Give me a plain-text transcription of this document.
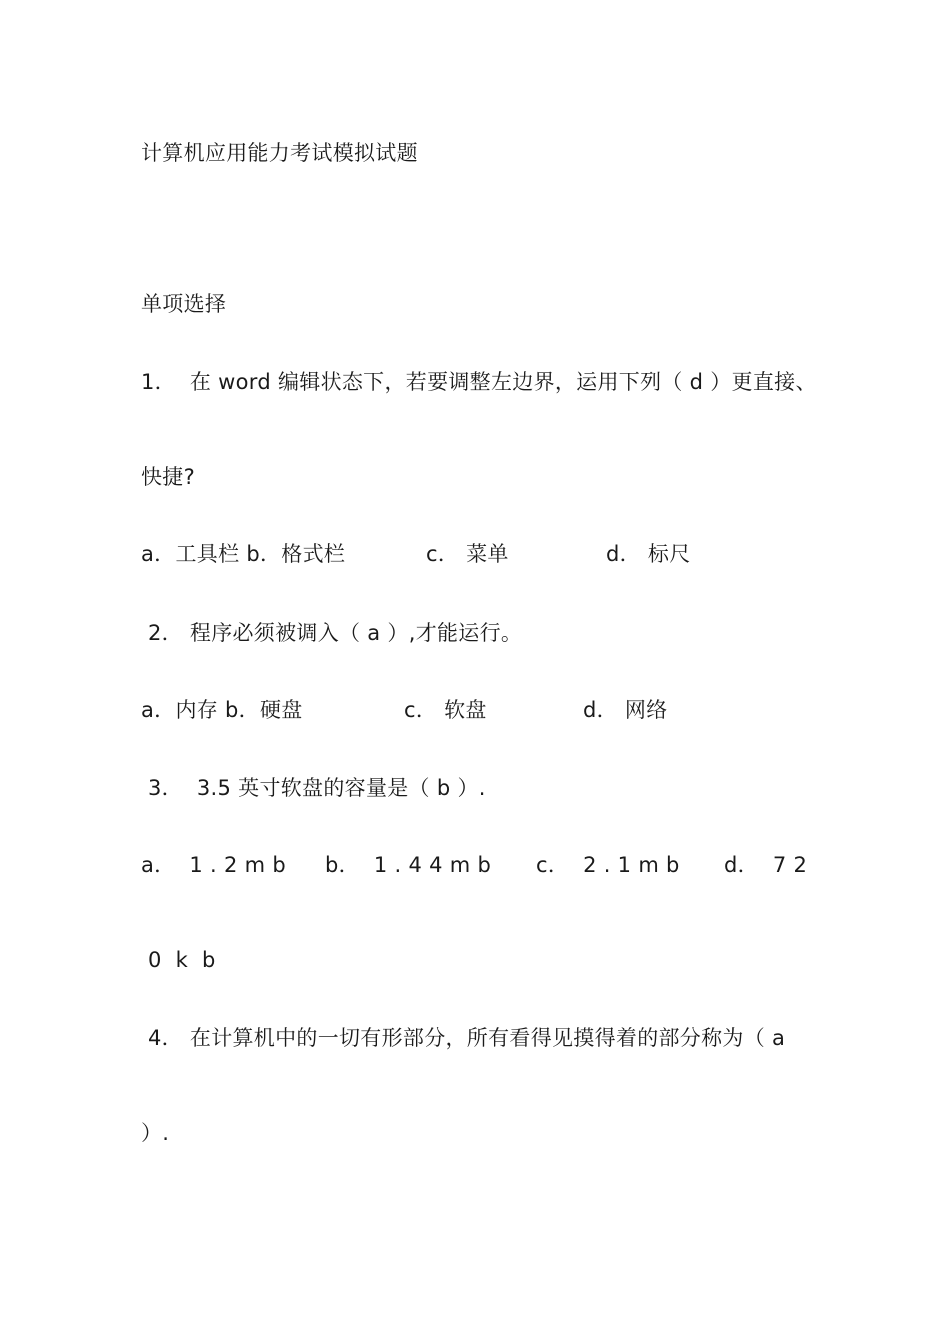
计算机应用能力考试模拟试题
单项选择
1．  在 word 编辑状态下，若要调整左边界，运用下列（ d ）更直接、
快捷?
a．工具栏 b．格式栏	c． 菜单	d． 标尺
2． 程序必须被调入（ a ）,才能运行。
a．内存 b．硬盘	c． 软盘	d． 网络
3．  3.5 英寸软盘的容量是（ b ）.
a．  1 . 2 m b b．  1 . 4 4 m b c．  2 . 1 m b d．  7 2
0  k  b
4． 在计算机中的一切有形部分，所有看得见摸得着的部分称为（ a
）.
